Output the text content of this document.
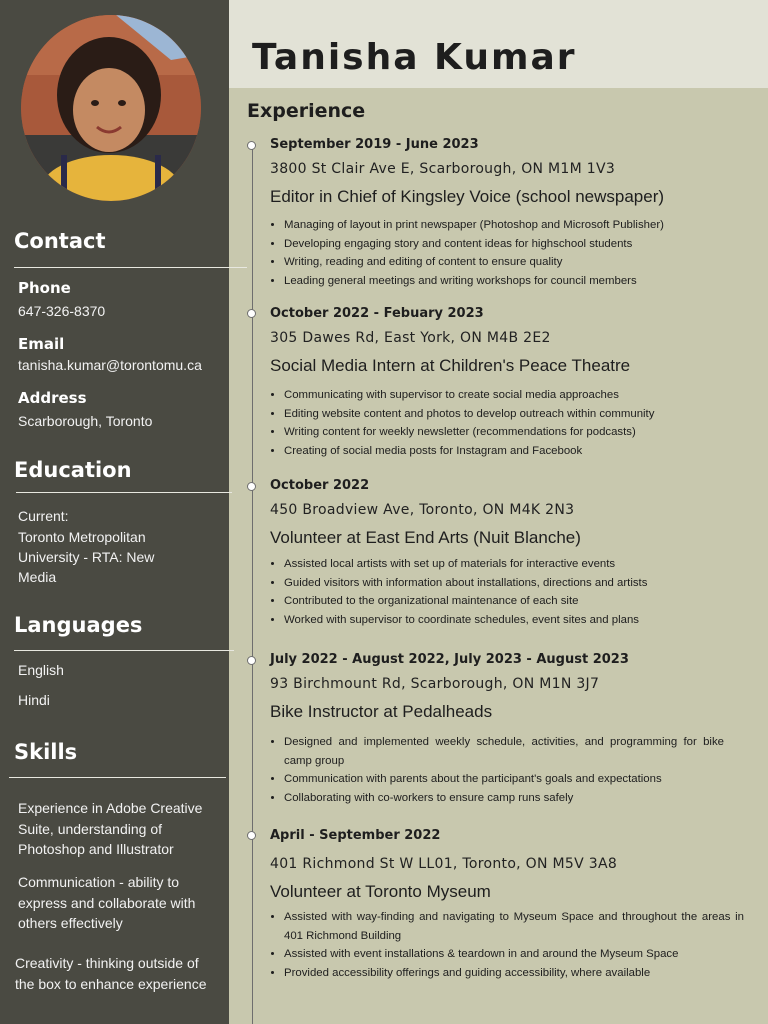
Contact
Phone
647-326-8370
Email
tanisha.kumar@torontomu.ca
Address
Scarborough, Toronto
Education
Current:
Toronto Metropolitan University - RTA: New Media
Languages
English
Hindi
Skills
Experience in Adobe Creative Suite, understanding of Photoshop and Illustrator
Communication - ability to express and collaborate with others effectively
Creativity - thinking outside of the box to enhance experience
Tanisha Kumar
Experience
September 2019 - June 2023
3800 St Clair Ave E, Scarborough, ON M1M 1V3
Editor in Chief of Kingsley Voice (school newspaper)
• Managing of layout in print newspaper (Photoshop and Microsoft Publisher)
• Developing engaging story and content ideas for highschool students
• Writing, reading and editing of content to ensure quality
• Leading general meetings and writing workshops for council members
October 2022 - Febuary 2023
305 Dawes Rd, East York, ON M4B 2E2
Social Media Intern at Children's Peace Theatre
• Communicating with supervisor to create social media approaches
• Editing website content and photos to develop outreach within community
• Writing content for weekly newsletter (recommendations for podcasts)
• Creating of social media posts for Instagram and Facebook
October 2022
450 Broadview Ave, Toronto, ON M4K 2N3
Volunteer at East End Arts (Nuit Blanche)
• Assisted local artists with set up of materials for interactive events
• Guided visitors with information about installations, directions and artists
• Contributed to the organizational maintenance of each site
• Worked with supervisor to coordinate schedules, event sites and plans
July 2022 - August 2022, July 2023 - August 2023
93 Birchmount Rd, Scarborough, ON M1N 3J7
Bike Instructor at Pedalheads
• Designed and implemented weekly schedule, activities, and programming for bike camp group
• Communication with parents about the participant's goals and expectations
• Collaborating with co-workers to ensure camp runs safely
April - September 2022
401 Richmond St W LL01, Toronto, ON M5V 3A8
Volunteer at Toronto Myseum
• Assisted with way-finding and navigating to Myseum Space and throughout the areas in 401 Richmond Building
• Assisted with event installations & teardown in and around the Myseum Space
• Provided accessibility offerings and guiding accessibility, where available
